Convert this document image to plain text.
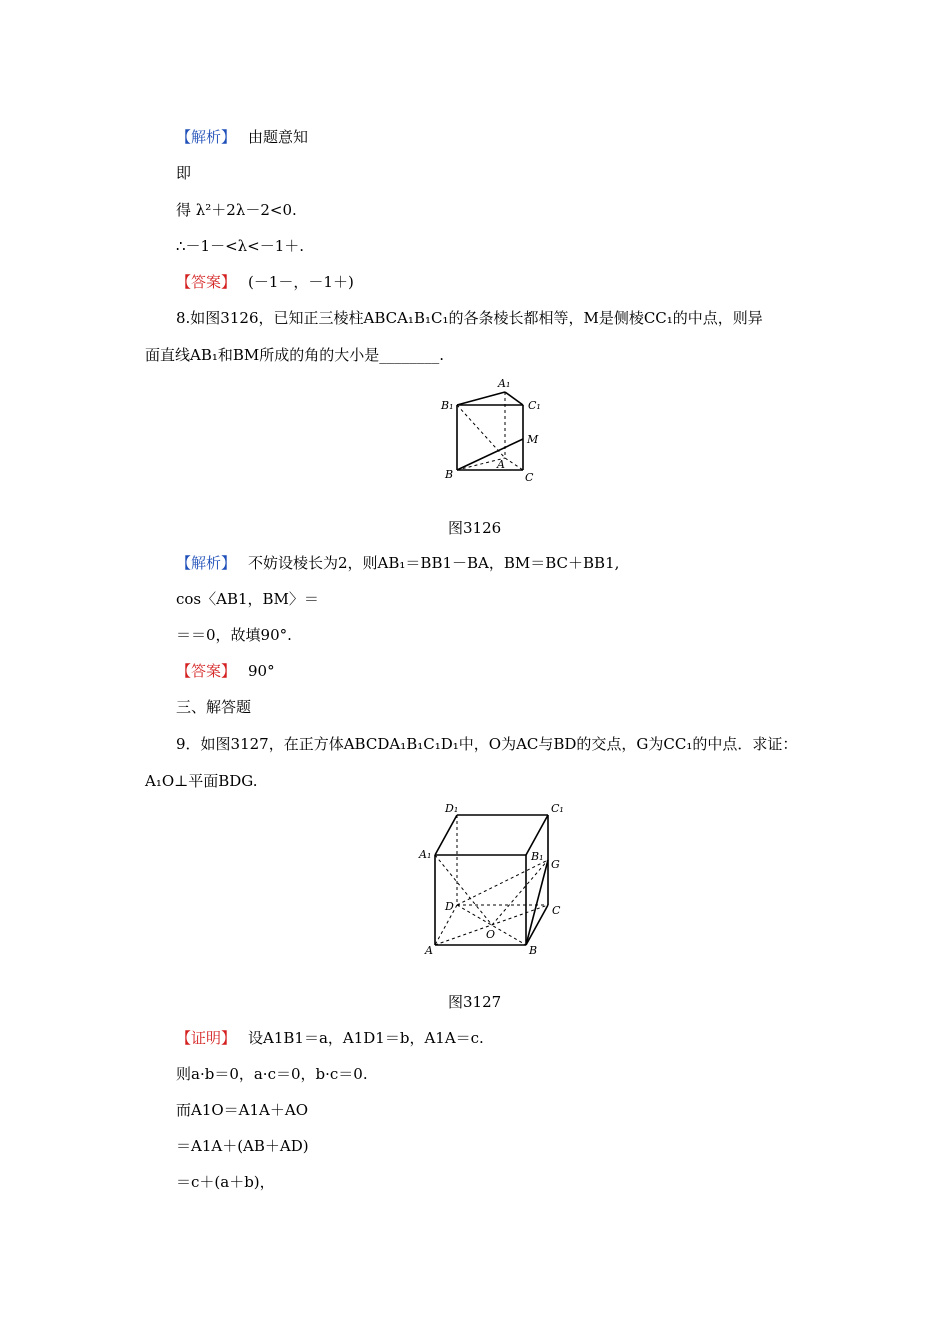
【解析】 由题意知
即
得 λ²＋2λ－2<0.
∴－1－<λ<－1＋.
【答案】 (－1－，－1＋)
8.如图3126，已知正三棱柱ABCA₁B₁C₁的各条棱长都相等，M是侧棱CC₁的中点，则异
面直线AB₁和BM所成的角的大小是________.
A₁
B₁	C₁
M
A
B	C
图3126
【解析】 不妨设棱长为2，则AB₁＝BB1－BA，BM＝BC＋BB1,
cos〈AB1，BM〉＝
＝＝0，故填90°.
【答案】 90°
三、解答题
9．如图3127，在正方体ABCDA₁B₁C₁D₁中，O为AC与BD的交点，G为CC₁的中点．求证：
A₁O⊥平面BDG.
D₁	C₁
A₁	B₁
G
D	C
O
A	B
图3127
【证明】 设A1B1＝a，A1D1＝b，A1A＝c.
则a·b＝0，a·c＝0，b·c＝0.
而A1O＝A1A＋AO
＝A1A＋(AB＋AD)
＝c＋(a＋b)，
